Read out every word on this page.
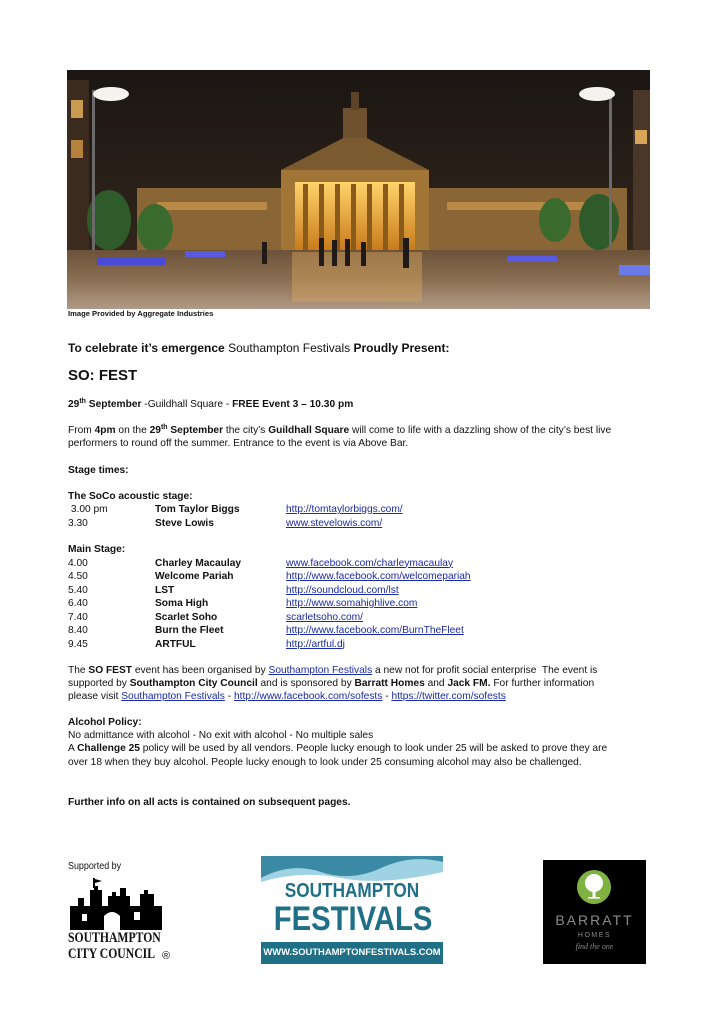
Image Provided by Aggregate Industries
To celebrate it’s emergence Southampton Festivals Proudly Present:
SO: FEST
29th September -Guildhall Square - FREE Event 3 – 10.30 pm
From 4pm on the 29th September the city’s Guildhall Square will come to life with a dazzling show of the city’s best live
performers to round off the summer. Entrance to the event is via Above Bar.
Stage times:
The SoCo acoustic stage:
3.00 pm	Tom Taylor Biggs	http://tomtaylorbiggs.com/
3.30	Steve Lowis	www.stevelowis.com/
Main Stage:
4.00	Charley Macaulay	www.facebook.com/charleymacaulay
4.50	Welcome Pariah	http://www.facebook.com/welcomepariah
5.40	LST	http://soundcloud.com/lst
6.40	Soma High	http://www.somahighlive.com
7.40	Scarlet Soho	scarletsoho.com/
8.40	Burn the Fleet	http://www.facebook.com/BurnTheFleet
9.45	ARTFUL	http://artful.dj
The SO FEST event has been organised by Southampton Festivals a new not for profit social enterprise  The event is
supported by Southampton City Council and is sponsored by Barratt Homes and Jack FM. For further information
please visit Southampton Festivals - http://www.facebook.com/sofests - https://twitter.com/sofests
Alcohol Policy:
No admittance with alcohol - No exit with alcohol - No multiple sales
A Challenge 25 policy will be used by all vendors. People lucky enough to look under 25 will be asked to prove they are
over 18 when they buy alcohol. People lucky enough to look under 25 consuming alcohol may also be challenged.
Further info on all acts is contained on subsequent pages.
Supported by
SOUTHAMPTON
CITY COUNCIL ®
SOUTHAMPTON
FESTIVALS
WWW.SOUTHAMPTONFESTIVALS.COM
BARRATT
HOMES
find the one
